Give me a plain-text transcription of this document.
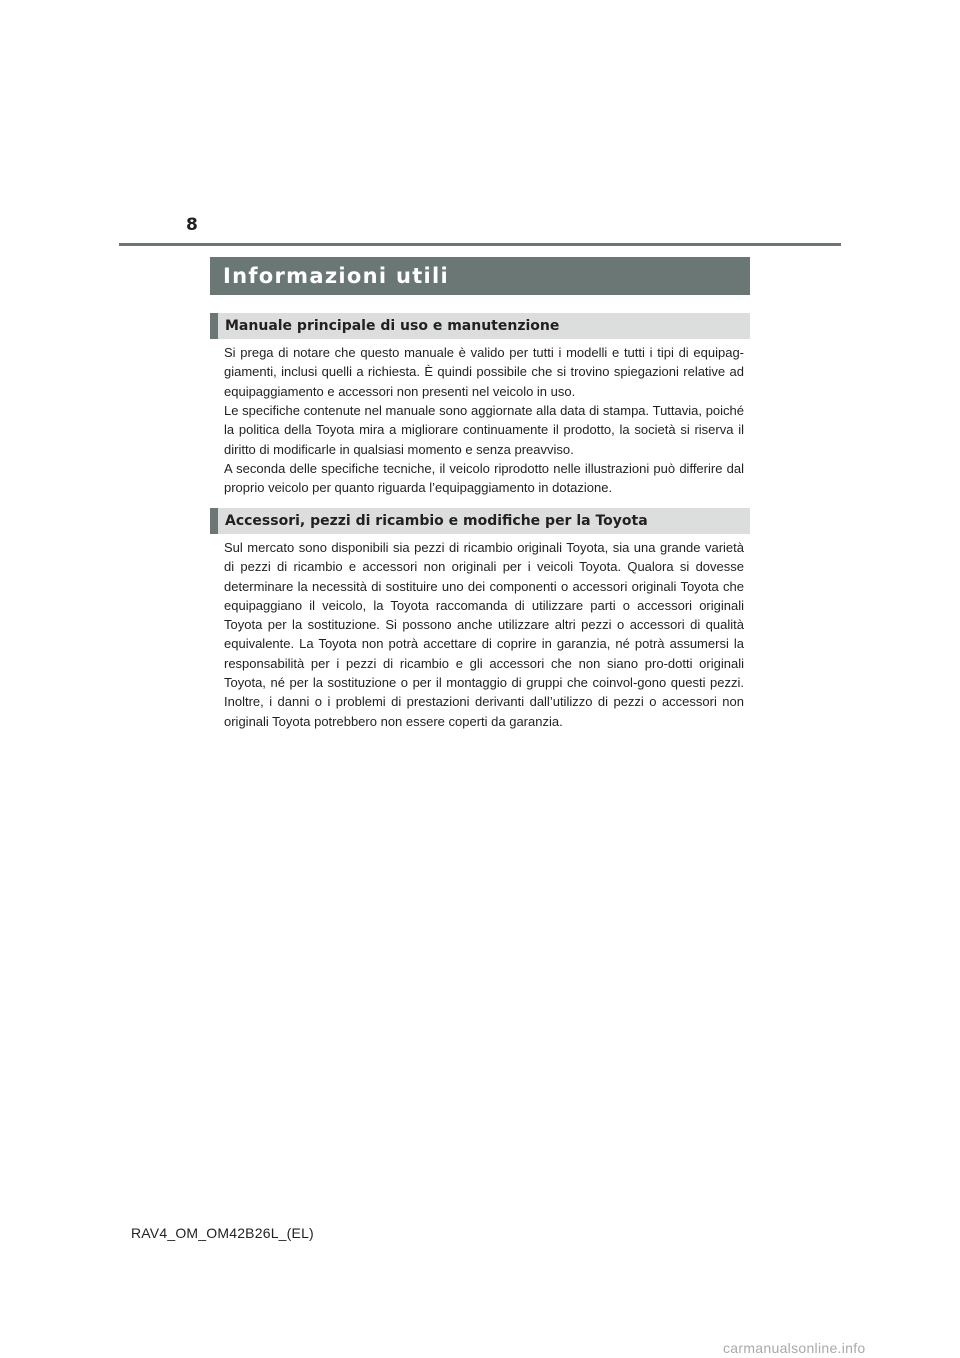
8
Informazioni utili
Manuale principale di uso e manutenzione

Si prega di notare che questo manuale è valido per tutti i modelli e tutti i tipi di equipag-giamenti, inclusi quelli a richiesta. È quindi possibile che si trovino spiegazioni relative ad equipaggiamento e accessori non presenti nel veicolo in uso.

Le specifiche contenute nel manuale sono aggiornate alla data di stampa. Tuttavia, poiché la politica della Toyota mira a migliorare continuamente il prodotto, la società si riserva il diritto di modificarle in qualsiasi momento e senza preavviso.

A seconda delle specifiche tecniche, il veicolo riprodotto nelle illustrazioni può differire dal proprio veicolo per quanto riguarda l’equipaggiamento in dotazione.

Accessori, pezzi di ricambio e modifiche per la Toyota

Sul mercato sono disponibili sia pezzi di ricambio originali Toyota, sia una grande varietà di pezzi di ricambio e accessori non originali per i veicoli Toyota. Qualora si dovesse determinare la necessità di sostituire uno dei componenti o accessori originali Toyota che equipaggiano il veicolo, la Toyota raccomanda di utilizzare parti o accessori originali Toyota per la sostituzione. Si possono anche utilizzare altri pezzi o accessori di qualità equivalente. La Toyota non potrà accettare di coprire in garanzia, né potrà assumersi la responsabilità per i pezzi di ricambio e gli accessori che non siano pro-dotti originali Toyota, né per la sostituzione o per il montaggio di gruppi che coinvol-gono questi pezzi. Inoltre, i danni o i problemi di prestazioni derivanti dall’utilizzo di pezzi o accessori non originali Toyota potrebbero non essere coperti da garanzia.

RAV4_OM_OM42B26L_(EL)
carmanualsonline.info
